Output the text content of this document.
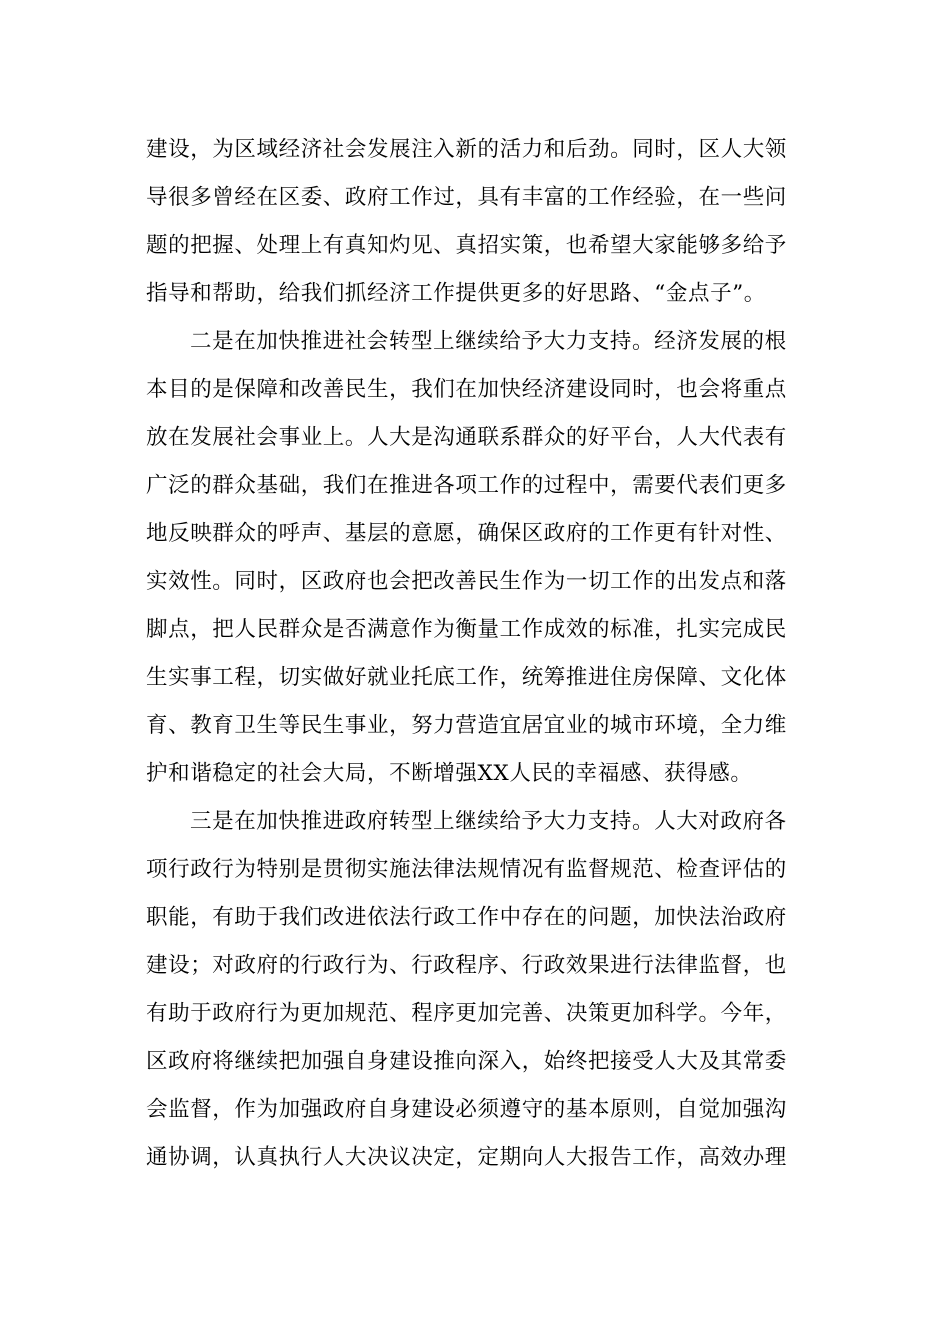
建设，为区域经济社会发展注入新的活力和后劲。同时，区人大领
导很多曾经在区委、政府工作过，具有丰富的工作经验，在一些问
题的把握、处理上有真知灼见、真招实策，也希望大家能够多给予
指导和帮助，给我们抓经济工作提供更多的好思路、“金点子”。
二是在加快推进社会转型上继续给予大力支持。经济发展的根
本目的是保障和改善民生，我们在加快经济建设同时，也会将重点
放在发展社会事业上。人大是沟通联系群众的好平台，人大代表有
广泛的群众基础，我们在推进各项工作的过程中，需要代表们更多
地反映群众的呼声、基层的意愿，确保区政府的工作更有针对性、
实效性。同时，区政府也会把改善民生作为一切工作的出发点和落
脚点，把人民群众是否满意作为衡量工作成效的标准，扎实完成民
生实事工程，切实做好就业托底工作，统筹推进住房保障、文化体
育、教育卫生等民生事业，努力营造宜居宜业的城市环境，全力维
护和谐稳定的社会大局，不断增强XX人民的幸福感、获得感。
三是在加快推进政府转型上继续给予大力支持。人大对政府各
项行政行为特别是贯彻实施法律法规情况有监督规范、检查评估的
职能，有助于我们改进依法行政工作中存在的问题，加快法治政府
建设；对政府的行政行为、行政程序、行政效果进行法律监督，也
有助于政府行为更加规范、程序更加完善、决策更加科学。今年，
区政府将继续把加强自身建设推向深入，始终把接受人大及其常委
会监督，作为加强政府自身建设必须遵守的基本原则，自觉加强沟
通协调，认真执行人大决议决定，定期向人大报告工作，高效办理
